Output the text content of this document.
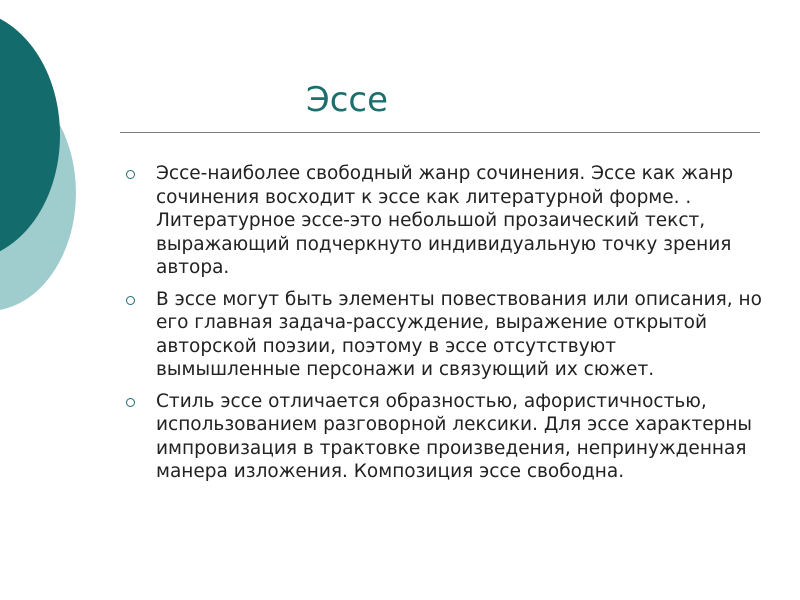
Эссе
Эссе-наиболее свободный жанр сочинения. Эссе как жанр сочинения восходит к эссе как литературной форме. . Литературное эссе-это небольшой прозаический текст, выражающий подчеркнуто индивидуальную точку зрения автора.
В эссе могут быть элементы повествования или описания, но его главная задача-рассуждение, выражение открытой авторской поэзии, поэтому в эссе отсутствуют вымышленные персонажи и связующий их сюжет.
Стиль эссе отличается образностью, афористичностью, использованием разговорной лексики. Для эссе характерны импровизация в трактовке произведения, непринужденная манера изложения. Композиция эссе свободна.
